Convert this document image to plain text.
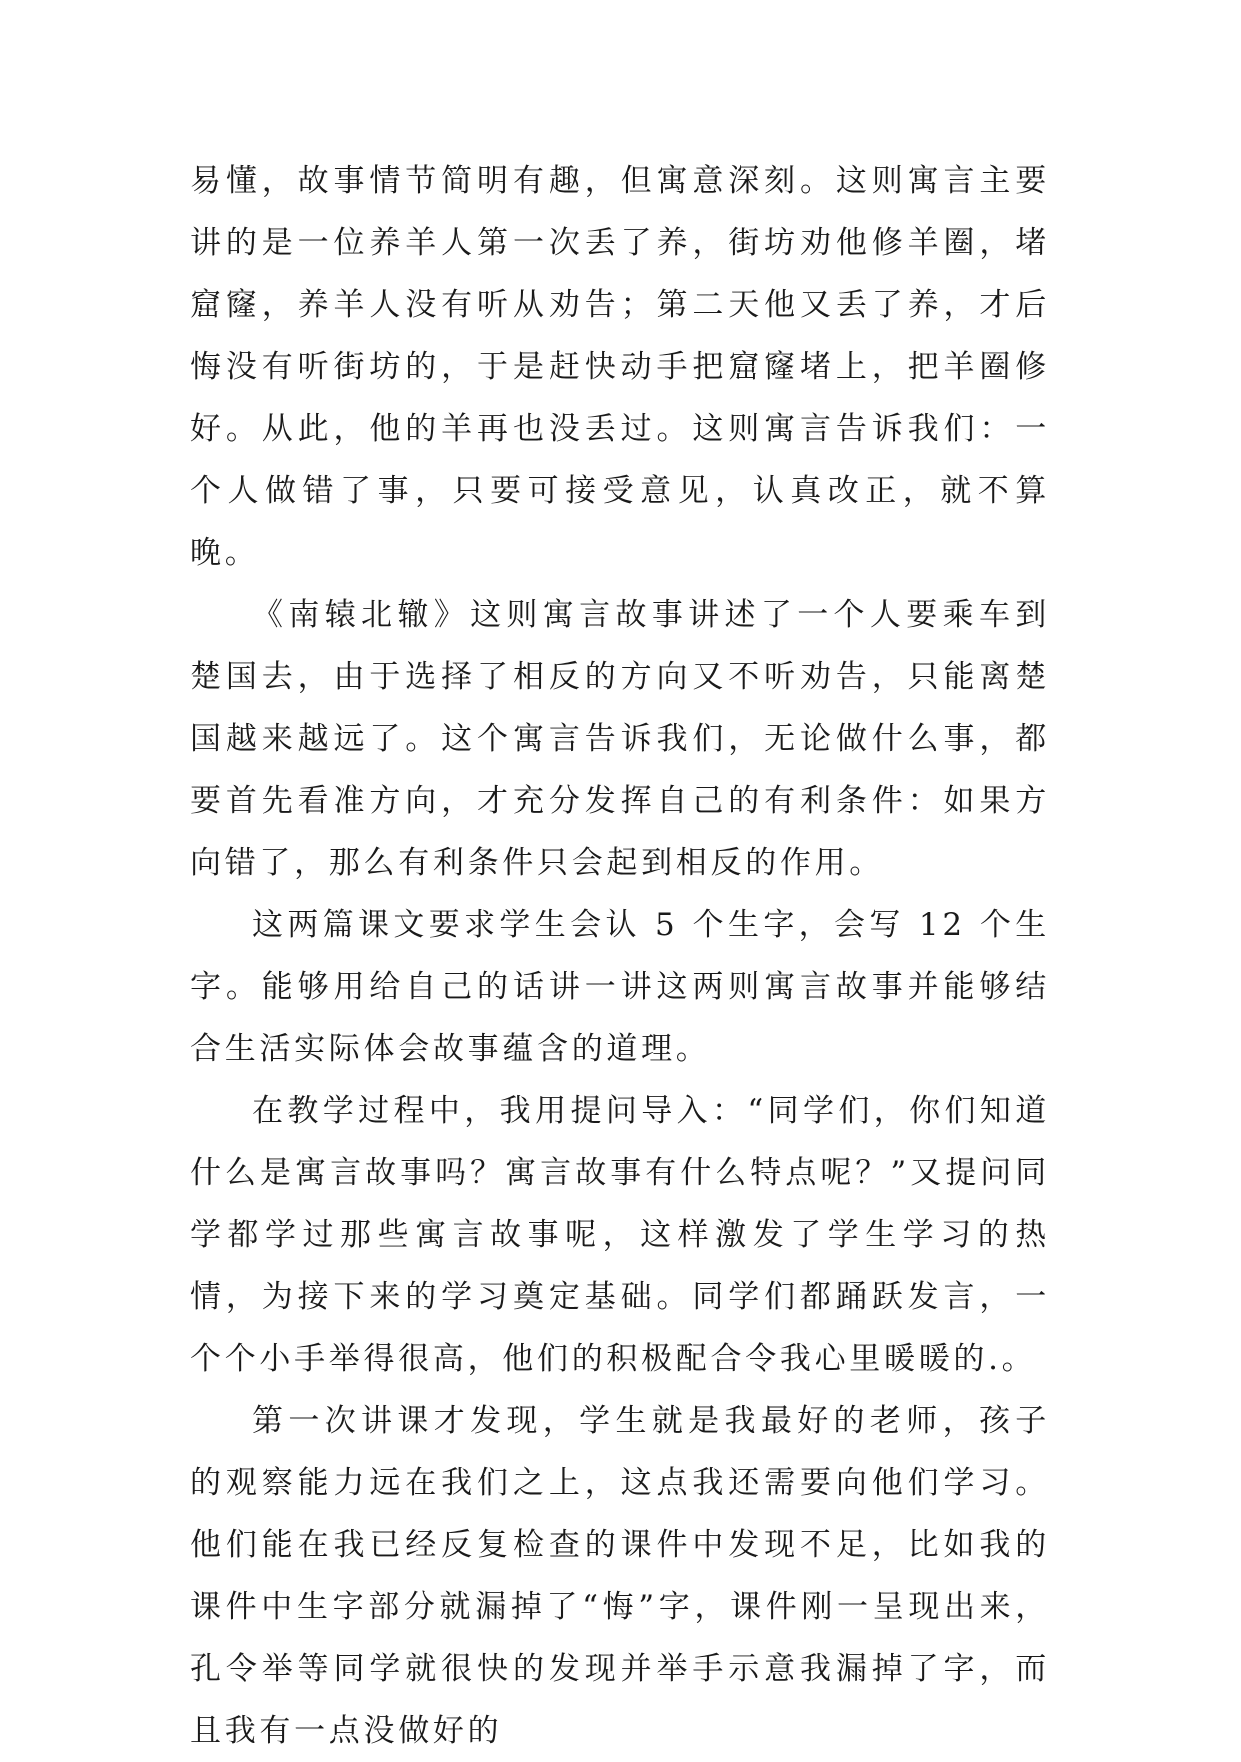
易懂，故事情节简明有趣，但寓意深刻。这则寓言主要讲的是一位养羊人第一次丢了养，街坊劝他修羊圈，堵窟窿，养羊人没有听从劝告；第二天他又丢了养，才后悔没有听街坊的，于是赶快动手把窟窿堵上，把羊圈修好。从此，他的羊再也没丢过。这则寓言告诉我们：一个人做错了事，只要可接受意见，认真改正，就不算晚。

《南辕北辙》这则寓言故事讲述了一个人要乘车到楚国去，由于选择了相反的方向又不听劝告，只能离楚国越来越远了。这个寓言告诉我们，无论做什么事，都要首先看准方向，才充分发挥自己的有利条件：如果方向错了，那么有利条件只会起到相反的作用。

这两篇课文要求学生会认 5 个生字，会写 12 个生字。能够用给自己的话讲一讲这两则寓言故事并能够结合生活实际体会故事蕴含的道理。

在教学过程中，我用提问导入：“同学们，你们知道什么是寓言故事吗？寓言故事有什么特点呢？”又提问同学都学过那些寓言故事呢，这样激发了学生学习的热情，为接下来的学习奠定基础。同学们都踊跃发言，一个个小手举得很高，他们的积极配合令我心里暖暖的.。

第一次讲课才发现，学生就是我最好的老师，孩子的观察能力远在我们之上，这点我还需要向他们学习。他们能在我已经反复检查的课件中发现不足，比如我的课件中生字部分就漏掉了“悔”字，课件刚一呈现出来，孔令举等同学就很快的发现并举手示意我漏掉了字，而且我有一点没做好的
